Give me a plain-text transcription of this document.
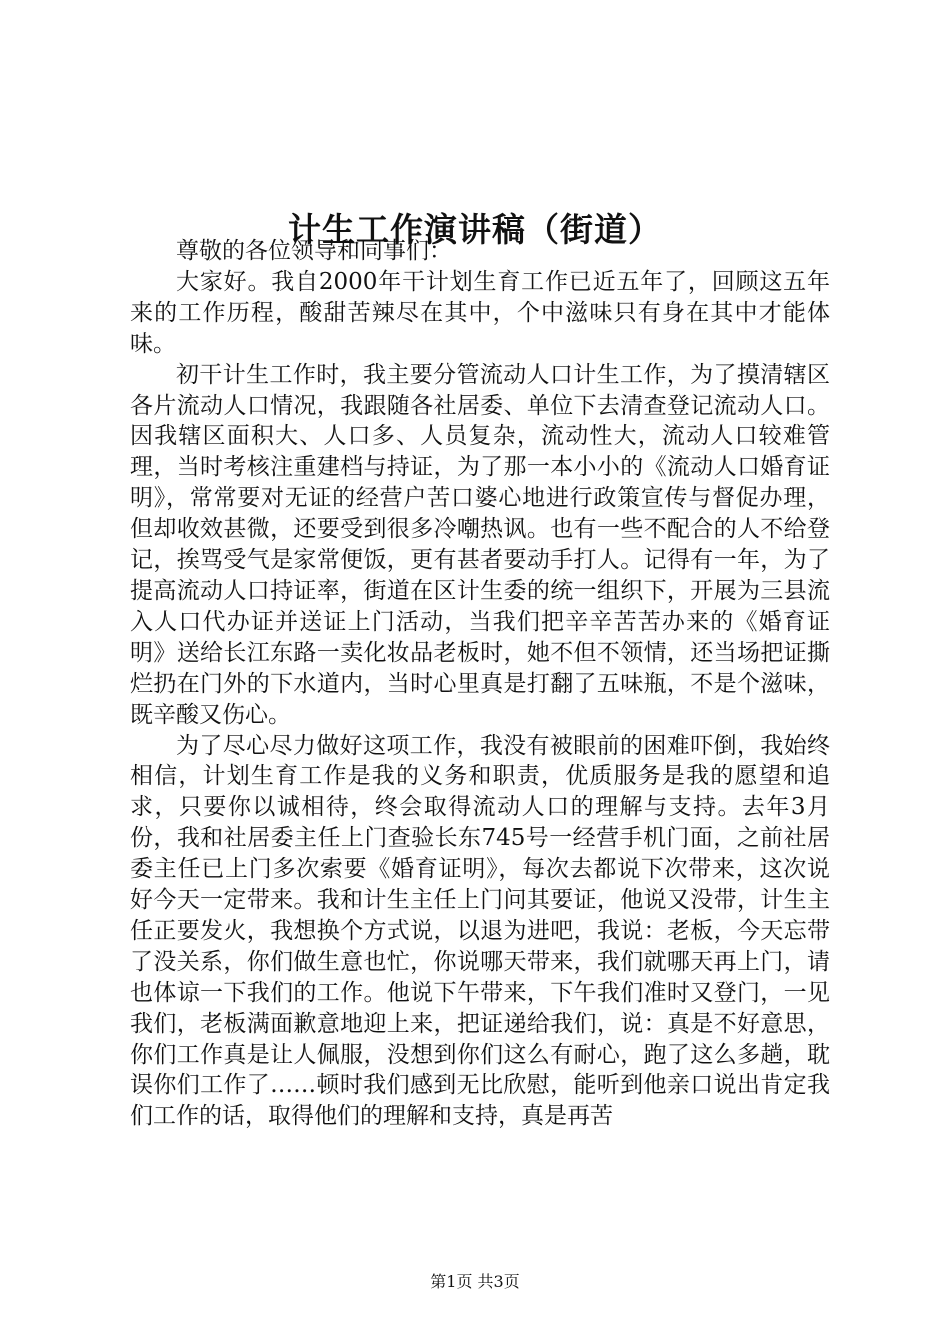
计生工作演讲稿（街道）

尊敬的各位领导和同事们：

大家好。我自2000年干计划生育工作已近五年了，回顾这五年来的工作历程，酸甜苦辣尽在其中，个中滋味只有身在其中才能体味。

初干计生工作时，我主要分管流动人口计生工作，为了摸清辖区各片流动人口情况，我跟随各社居委、单位下去清查登记流动人口。因我辖区面积大、人口多、人员复杂，流动性大，流动人口较难管理，当时考核注重建档与持证，为了那一本小小的《流动人口婚育证明》，常常要对无证的经营户苦口婆心地进行政策宣传与督促办理，但却收效甚微，还要受到很多冷嘲热讽。也有一些不配合的人不给登记，挨骂受气是家常便饭，更有甚者要动手打人。记得有一年，为了提高流动人口持证率，街道在区计生委的统一组织下，开展为三县流入人口代办证并送证上门活动，当我们把辛辛苦苦办来的《婚育证明》送给长江东路一卖化妆品老板时，她不但不领情，还当场把证撕烂扔在门外的下水道内，当时心里真是打翻了五味瓶，不是个滋味，既辛酸又伤心。

为了尽心尽力做好这项工作，我没有被眼前的困难吓倒，我始终相信，计划生育工作是我的义务和职责，优质服务是我的愿望和追求，只要你以诚相待，终会取得流动人口的理解与支持。去年3月份，我和社居委主任上门查验长东745号一经营手机门面，之前社居委主任已上门多次索要《婚育证明》，每次去都说下次带来，这次说好今天一定带来。我和计生主任上门问其要证，他说又没带，计生主任正要发火，我想换个方式说，以退为进吧，我说：老板，今天忘带了没关系，你们做生意也忙，你说哪天带来，我们就哪天再上门，请也体谅一下我们的工作。他说下午带来，下午我们准时又登门，一见我们，老板满面歉意地迎上来，把证递给我们，说：真是不好意思，你们工作真是让人佩服，没想到你们这么有耐心，跑了这么多趟，耽误你们工作了……顿时我们感到无比欣慰，能听到他亲口说出肯定我们工作的话，取得他们的理解和支持，真是再苦

第1页 共3页
